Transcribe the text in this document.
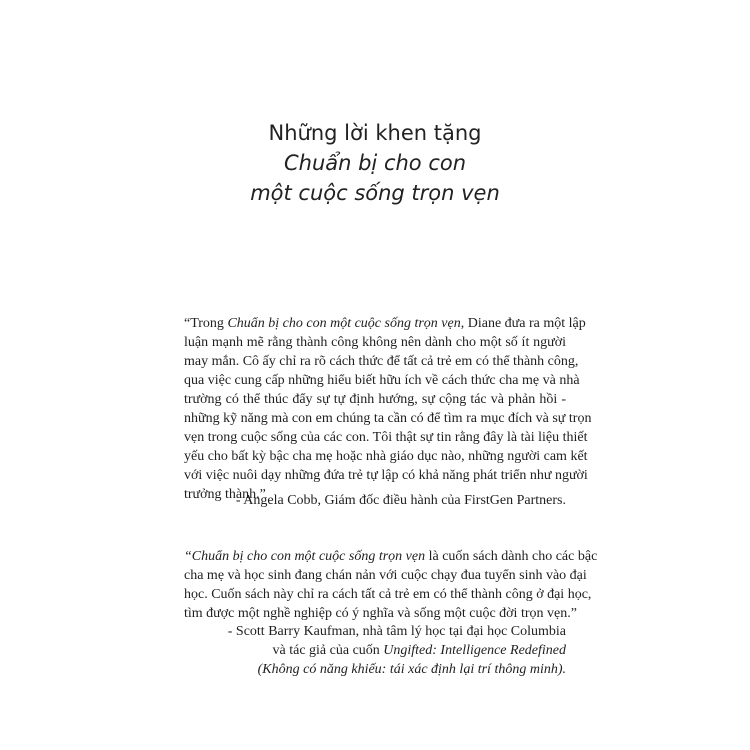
Những lời khen tặng
Chuẩn bị cho con
một cuộc sống trọn vẹn
“Trong Chuẩn bị cho con một cuộc sống trọn vẹn, Diane đưa ra một lập
luận mạnh mẽ rằng thành công không nên dành cho một số ít người
may mắn. Cô ấy chỉ ra rõ cách thức để tất cả trẻ em có thể thành công,
qua việc cung cấp những hiểu biết hữu ích về cách thức cha mẹ và nhà
trường có thể thúc đẩy sự tự định hướng, sự cộng tác và phản hồi -
những kỹ năng mà con em chúng ta cần có để tìm ra mục đích và sự trọn
vẹn trong cuộc sống của các con. Tôi thật sự tin rằng đây là tài liệu thiết
yếu cho bất kỳ bậc cha mẹ hoặc nhà giáo dục nào, những người cam kết
với việc nuôi dạy những đứa trẻ tự lập có khả năng phát triển như người
trưởng thành.”
- Angela Cobb, Giám đốc điều hành của FirstGen Partners.
“Chuẩn bị cho con một cuộc sống trọn vẹn là cuốn sách dành cho các bậc
cha mẹ và học sinh đang chán nản với cuộc chạy đua tuyển sinh vào đại
học. Cuốn sách này chỉ ra cách tất cả trẻ em có thể thành công ở đại học,
tìm được một nghề nghiệp có ý nghĩa và sống một cuộc đời trọn vẹn.”
- Scott Barry Kaufman, nhà tâm lý học tại đại học Columbia
và tác giả của cuốn Ungifted: Intelligence Redefined
(Không có năng khiếu: tái xác định lại trí thông minh).
